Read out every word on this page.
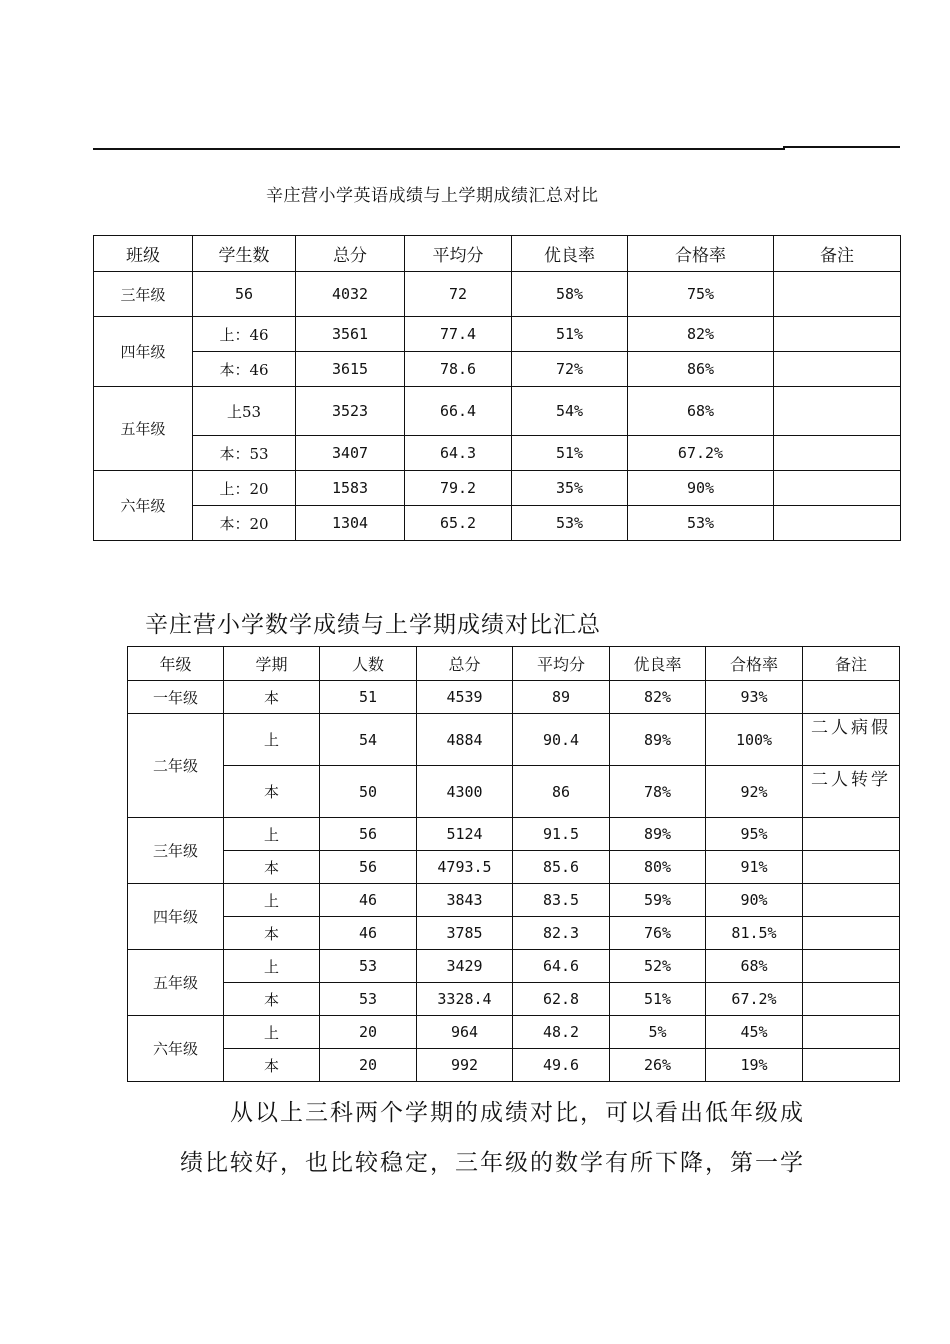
辛庄营小学英语成绩与上学期成绩汇总对比
班级	学生数	总分	平均分	优良率	合格率	备注
三年级	56	4032	72	58%	75%	
四年级	上：46	3561	77.4	51%	82%	
	本：46	3615	78.6	72%	86%	
五年级	上53	3523	66.4	54%	68%	
	本：53	3407	64.3	51%	67.2%	
六年级	上：20	1583	79.2	35%	90%	
	本：20	1304	65.2	53%	53%	
辛庄营小学数学成绩与上学期成绩对比汇总
年级	学期	人数	总分	平均分	优良率	合格率	备注
一年级	本	51	4539	89	82%	93%	
二年级	上	54	4884	90.4	89%	100%	二人病假
	本	50	4300	86	78%	92%	二人转学
三年级	上	56	5124	91.5	89%	95%	
	本	56	4793.5	85.6	80%	91%	
四年级	上	46	3843	83.5	59%	90%	
	本	46	3785	82.3	76%	81.5%	
五年级	上	53	3429	64.6	52%	68%	
	本	53	3328.4	62.8	51%	67.2%	
六年级	上	20	964	48.2	5%	45%	
	本	20	992	49.6	26%	19%	
从以上三科两个学期的成绩对比，可以看出低年级成
绩比较好，也比较稳定，三年级的数学有所下降，第一学
